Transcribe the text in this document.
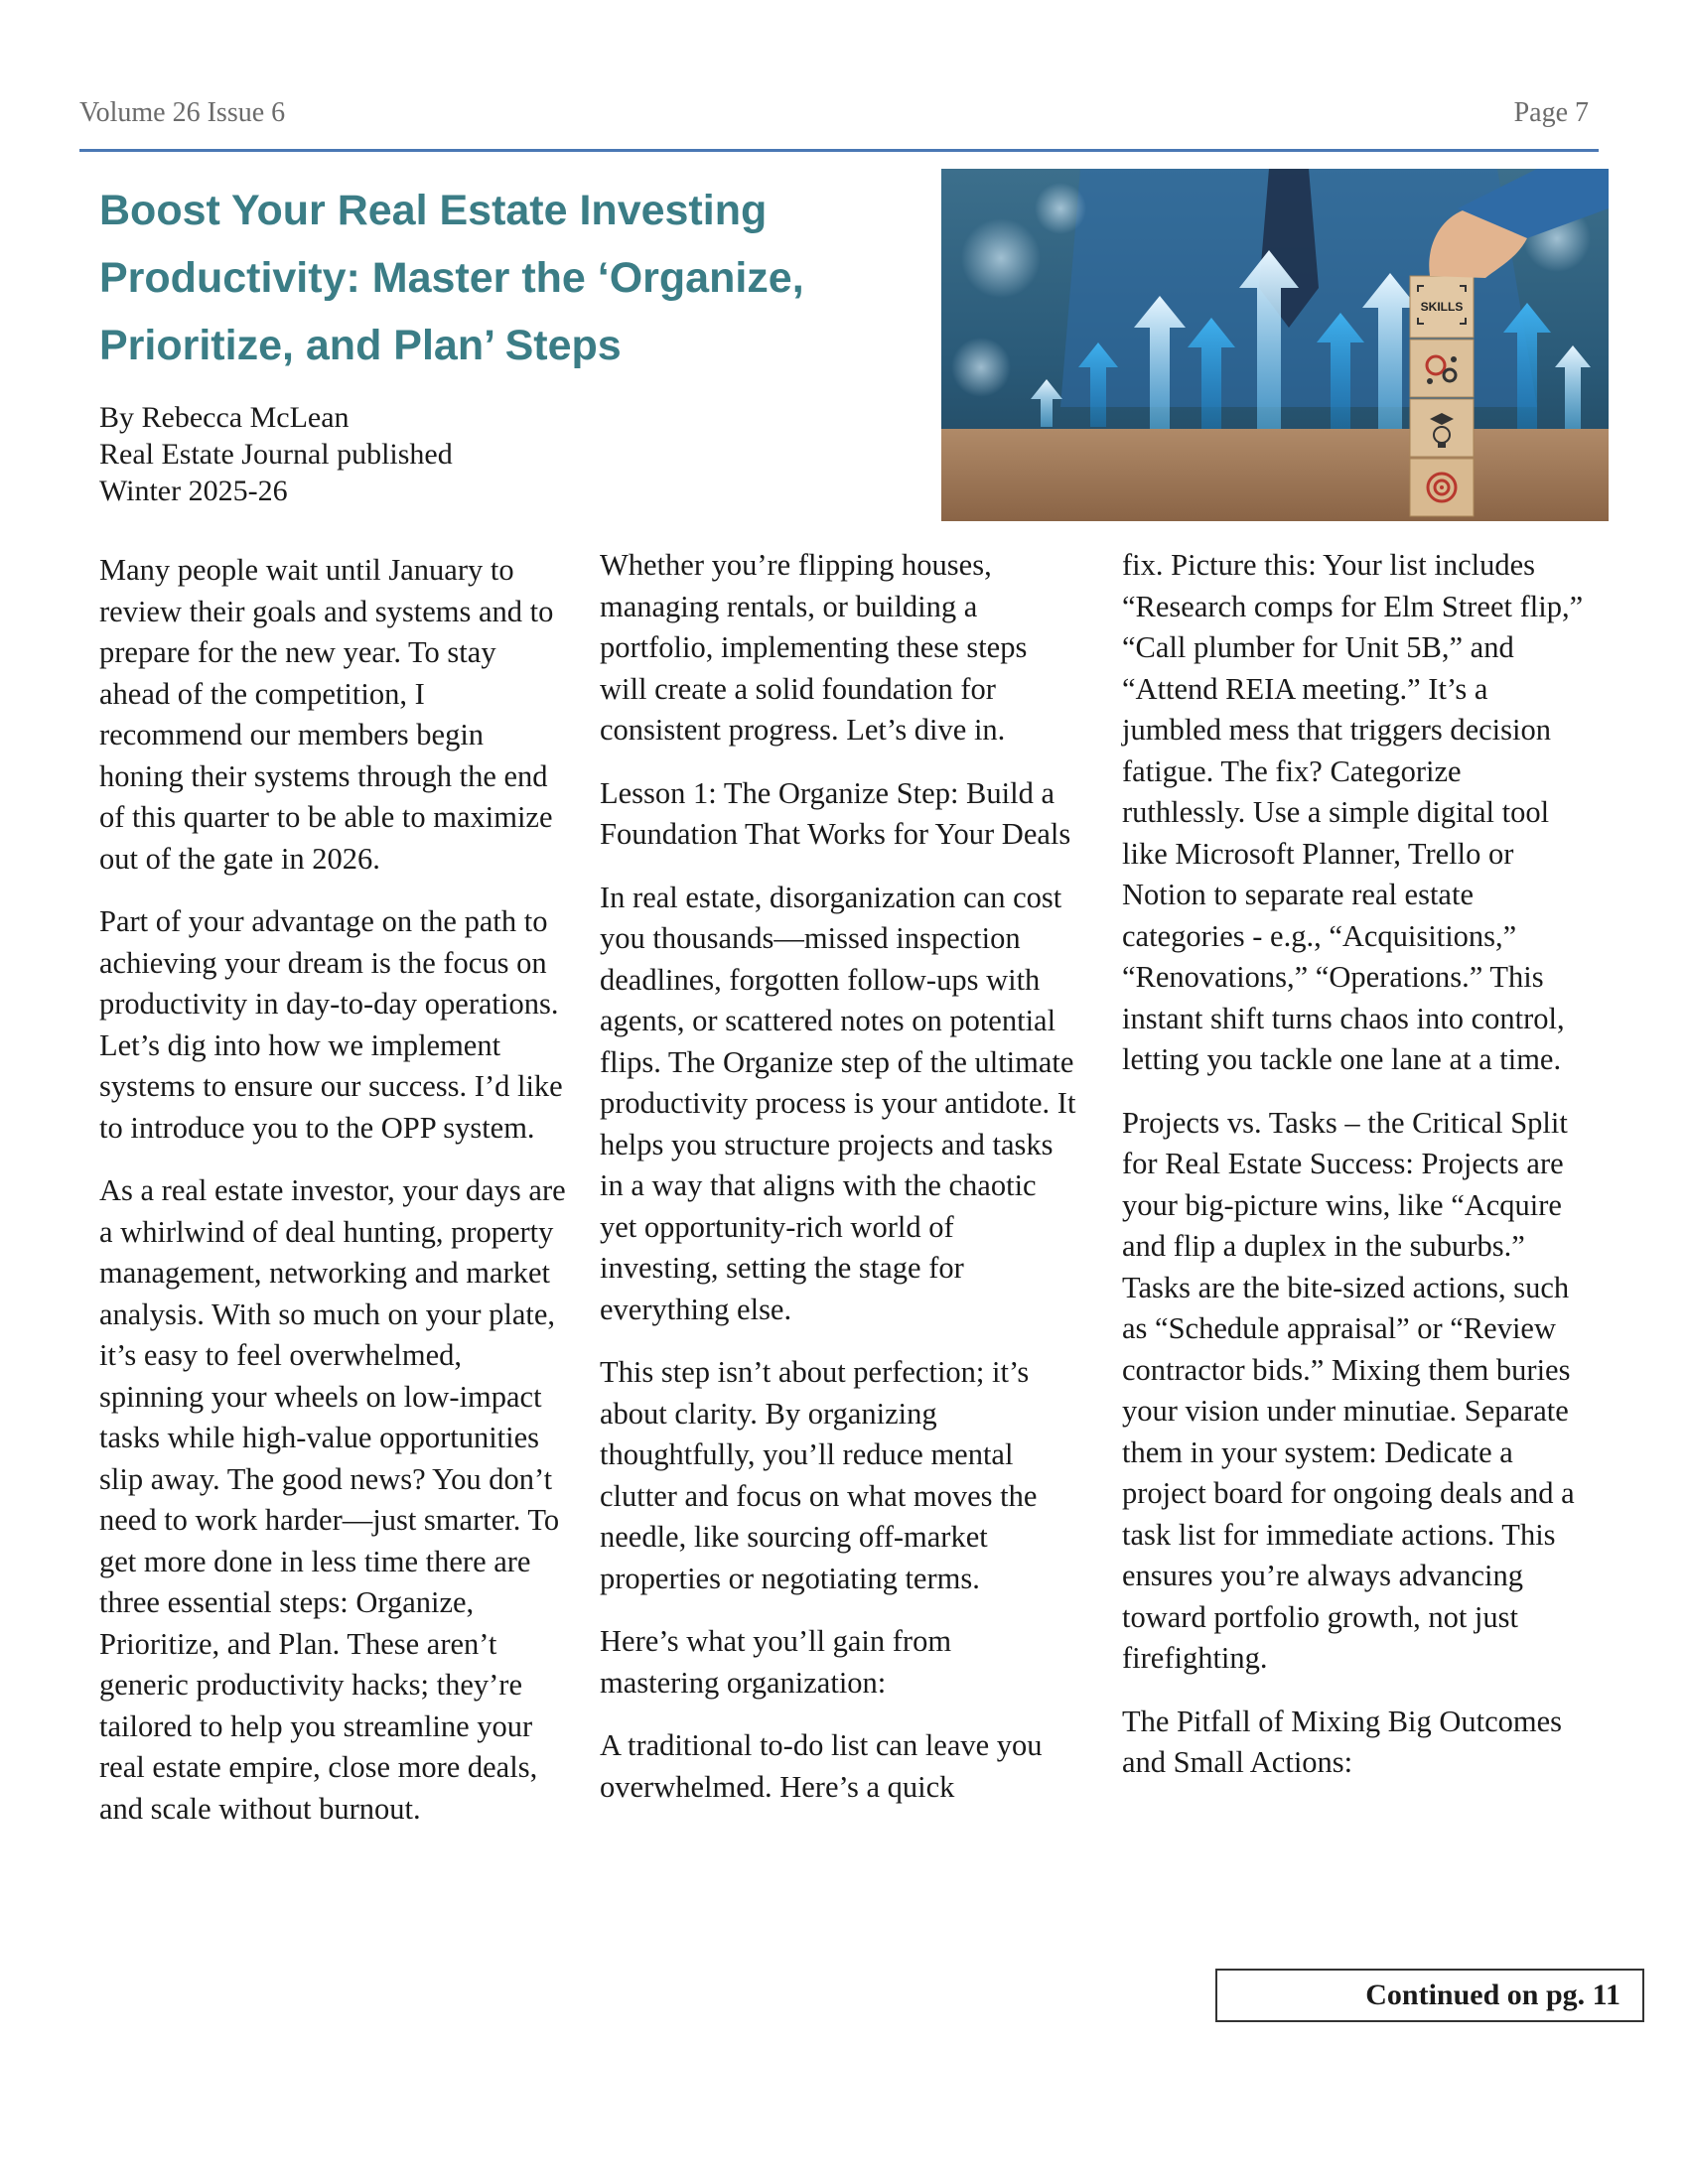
Volume 26 Issue 6	Page 7
Boost Your Real Estate Investing Productivity: Master the ‘Organize, Prioritize, and Plan’ Steps
By Rebecca McLean
Real Estate Journal published
Winter 2025-26
SKILLS

Many people wait until January to review their goals and systems and to prepare for the new year. To stay ahead of the competition, I recommend our members begin honing their systems through the end of this quarter to be able to maximize out of the gate in 2026.

Part of your advantage on the path to achieving your dream is the focus on productivity in day-to-day operations. Let’s dig into how we implement systems to ensure our success. I’d like to introduce you to the OPP system.

As a real estate investor, your days are a whirlwind of deal hunting, property management, networking and market analysis. With so much on your plate, it’s easy to feel overwhelmed, spinning your wheels on low-impact tasks while high-value opportunities slip away. The good news? You don’t need to work harder—just smarter. To get more done in less time there are three essential steps: Organize, Prioritize, and Plan. These aren’t generic productivity hacks; they’re tailored to help you streamline your real estate empire, close more deals, and scale without burnout.

Whether you’re flipping houses, managing rentals, or building a portfolio, implementing these steps will create a solid foundation for consistent progress. Let’s dive in.

Lesson 1: The Organize Step: Build a Foundation That Works for Your Deals

In real estate, disorganization can cost you thousands—missed inspection deadlines, forgotten follow-ups with agents, or scattered notes on potential flips. The Organize step of the ultimate productivity process is your antidote. It helps you structure projects and tasks in a way that aligns with the chaotic yet opportunity-rich world of investing, setting the stage for everything else.

This step isn’t about perfection; it’s about clarity. By organizing thoughtfully, you’ll reduce mental clutter and focus on what moves the needle, like sourcing off-market properties or negotiating terms.

Here’s what you’ll gain from mastering organization:

A traditional to-do list can leave you overwhelmed. Here’s a quick

fix. Picture this: Your list includes “Research comps for Elm Street flip,” “Call plumber for Unit 5B,” and “Attend REIA meeting.” It’s a jumbled mess that triggers decision fatigue. The fix? Categorize ruthlessly. Use a simple digital tool like Microsoft Planner, Trello or Notion to separate real estate categories - e.g., “Acquisitions,” “Renovations,” “Operations.” This instant shift turns chaos into control, letting you tackle one lane at a time.

Projects vs. Tasks – the Critical Split for Real Estate Success: Projects are your big-picture wins, like “Acquire and flip a duplex in the suburbs.” Tasks are the bite-sized actions, such as “Schedule appraisal” or “Review contractor bids.” Mixing them buries your vision under minutiae. Separate them in your system: Dedicate a project board for ongoing deals and a task list for immediate actions. This ensures you’re always advancing toward portfolio growth, not just firefighting.

The Pitfall of Mixing Big Outcomes and Small Actions:

Continued on pg. 11
